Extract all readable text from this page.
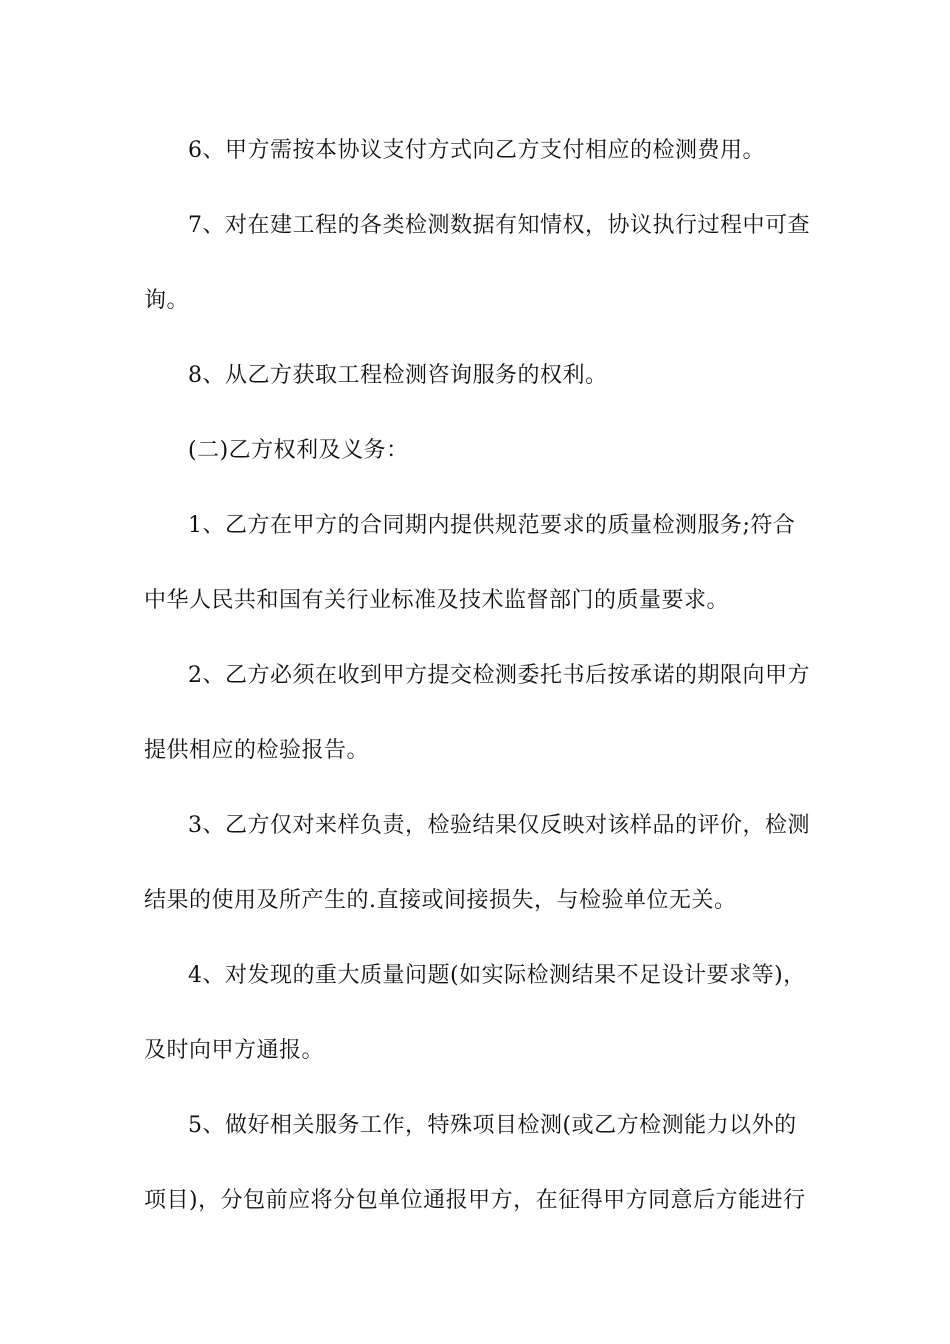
6、甲方需按本协议支付方式向乙方支付相应的检测费用。
7、对在建工程的各类检测数据有知情权，协议执行过程中可查
询。
8、从乙方获取工程检测咨询服务的权利。
(二)乙方权利及义务：
1、乙方在甲方的合同期内提供规范要求的质量检测服务;符合
中华人民共和国有关行业标准及技术监督部门的质量要求。
2、乙方必须在收到甲方提交检测委托书后按承诺的期限向甲方
提供相应的检验报告。
3、乙方仅对来样负责，检验结果仅反映对该样品的评价，检测
结果的使用及所产生的.直接或间接损失，与检验单位无关。
4、对发现的重大质量问题(如实际检测结果不足设计要求等)，
及时向甲方通报。
5、做好相关服务工作，特殊项目检测(或乙方检测能力以外的
项目)，分包前应将分包单位通报甲方，在征得甲方同意后方能进行
